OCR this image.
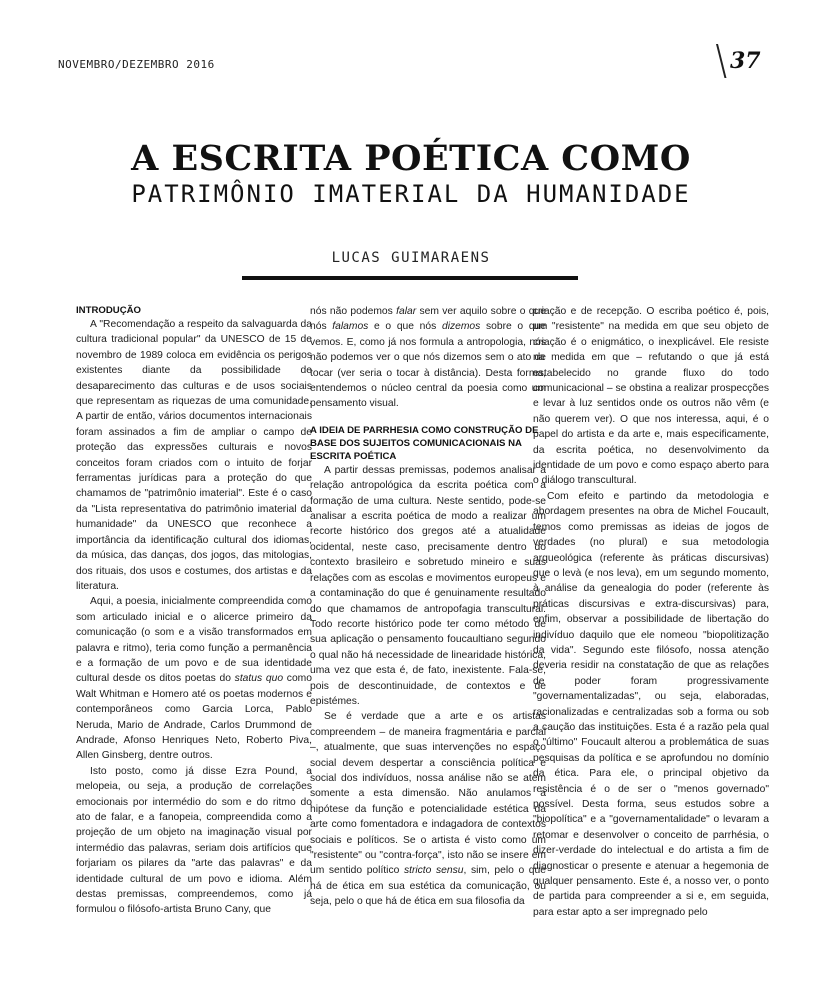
NOVEMBRO/DEZEMBRO 2016	37
A ESCRITA POÉTICA COMO
PATRIMÔNIO IMATERIAL DA HUMANIDADE
LUCAS GUIMARAENS
INTRODUÇÃO

A "Recomendação a respeito da salvaguarda da cultura tradicional popular" da UNESCO de 15 de novembro de 1989 coloca em evidência os perigos existentes diante da possibilidade de desaparecimento das culturas e de usos sociais que representam as riquezas de uma comunidade. A partir de então, vários documentos internacionais foram assinados a fim de ampliar o campo de proteção das expressões culturais e novos conceitos foram criados com o intuito de forjar ferramentas jurídicas para a proteção do que chamamos de "patrimônio imaterial". Este é o caso da "Lista representativa do patrimônio imaterial da humanidade" da UNESCO que reconhece a importância da identificação cultural dos idiomas, da música, das danças, dos jogos, das mitologias, dos rituais, dos usos e costumes, dos artistas e da literatura.

Aqui, a poesia, inicialmente compreendida como som articulado inicial e o alicerce primeiro da comunicação (o som e a visão transformados em palavra e ritmo), teria como função a permanência e a formação de um povo e de sua identidade cultural desde os ditos poetas do status quo como Walt Whitman e Homero até os poetas modernos e contemporâneos como Garcia Lorca, Pablo Neruda, Mario de Andrade, Carlos Drummond de Andrade, Afonso Henriques Neto, Roberto Piva, Allen Ginsberg, dentre outros.

Isto posto, como já disse Ezra Pound, a melopeia, ou seja, a produção de correlações emocionais por intermédio do som e do ritmo do ato de falar, e a fanopeia, compreendida como a projeção de um objeto na imaginação visual por intermédio das palavras, seriam dois artifícios que forjariam os pilares da "arte das palavras" e da identidade cultural de um povo e idioma. Além destas premissas, compreendemos, como já formulou o filósofo-artista Bruno Cany, que

nós não podemos falar sem ver aquilo sobre o que nós falamos e o que nós dizemos sobre o que vemos. E, como já nos formula a antropologia, nós não podemos ver o que nós dizemos sem o ato de tocar (ver seria o tocar à distância). Desta forma, entendemos o núcleo central da poesia como um pensamento visual.

A IDEIA DE PARRHESIA COMO CONSTRUÇÃO DE BASE DOS SUJEITOS COMUNICACIONAIS NA ESCRITA POÉTICA

A partir dessas premissas, podemos analisar a relação antropológica da escrita poética com a formação de uma cultura. Neste sentido, pode-se analisar a escrita poética de modo a realizar um recorte histórico dos gregos até a atualidade ocidental, neste caso, precisamente dentro do contexto brasileiro e sobretudo mineiro e suas relações com as escolas e movimentos europeus e a contaminação do que é genuinamente resultado do que chamamos de antropofagia transcultural. Todo recorte histórico pode ter como método de sua aplicação o pensamento foucaultiano segundo o qual não há necessidade de linearidade histórica, uma vez que esta é, de fato, inexistente. Fala-se, pois de descontinuidade, de contextos e de epistémes.

Se é verdade que a arte e os artistas compreendem – de maneira fragmentária e parcial –, atualmente, que suas intervenções no espaço social devem despertar a consciência política e social dos indivíduos, nossa análise não se atem somente a esta dimensão. Não anulamos a hipótese da função e potencialidade estética da arte como fomentadora e indagadora de contextos sociais e políticos. Se o artista é visto como um "resistente" ou "contra-força", isto não se insere em um sentido político stricto sensu, sim, pelo o que há de ética em sua estética da comunicação, ou seja, pelo o que há de ética em sua filosofia da

criação e de recepção. O escriba poético é, pois, um "resistente" na medida em que seu objeto de criação é o enigmático, o inexplicável. Ele resiste na medida em que – refutando o que já está estabelecido no grande fluxo do todo comunicacional – se obstina a realizar prospecções e levar à luz sentidos onde os outros não vêm (e não querem ver). O que nos interessa, aqui, é o papel do artista e da arte e, mais especificamente, da escrita poética, no desenvolvimento da identidade de um povo e como espaço aberto para o diálogo transcultural.

Com efeito e partindo da metodologia e abordagem presentes na obra de Michel Foucault, temos como premissas as ideias de jogos de verdades (no plural) e sua metodologia arqueológica (referente às práticas discursivas) que o levà (e nos leva), em um segundo momento, à análise da genealogia do poder (referente às práticas discursivas e extra-discursivas) para, enfim, observar a possibilidade de libertação do indivíduo daquilo que ele nomeou "biopolitização da vida". Segundo este filósofo, nossa atenção deveria residir na constatação de que as relações de poder foram progressivamente "governamentalizadas", ou seja, elaboradas, racionalizadas e centralizadas sob a forma ou sob a caução das instituições. Esta é a razão pela qual o "último" Foucault alterou a problemática de suas pesquisas da política e se aprofundou no domínio da ética. Para ele, o principal objetivo da resistência é o de ser o "menos governado" possível. Desta forma, seus estudos sobre a "biopolítica" e a "governamentalidade" o levaram a retomar e desenvolver o conceito de parrhésia, o dizer-verdade do intelectual e do artista a fim de diagnosticar o presente e atenuar a hegemonia de qualquer pensamento. Este é, a nosso ver, o ponto de partida para compreender a si e, em seguida, para estar apto a ser impregnado pelo
